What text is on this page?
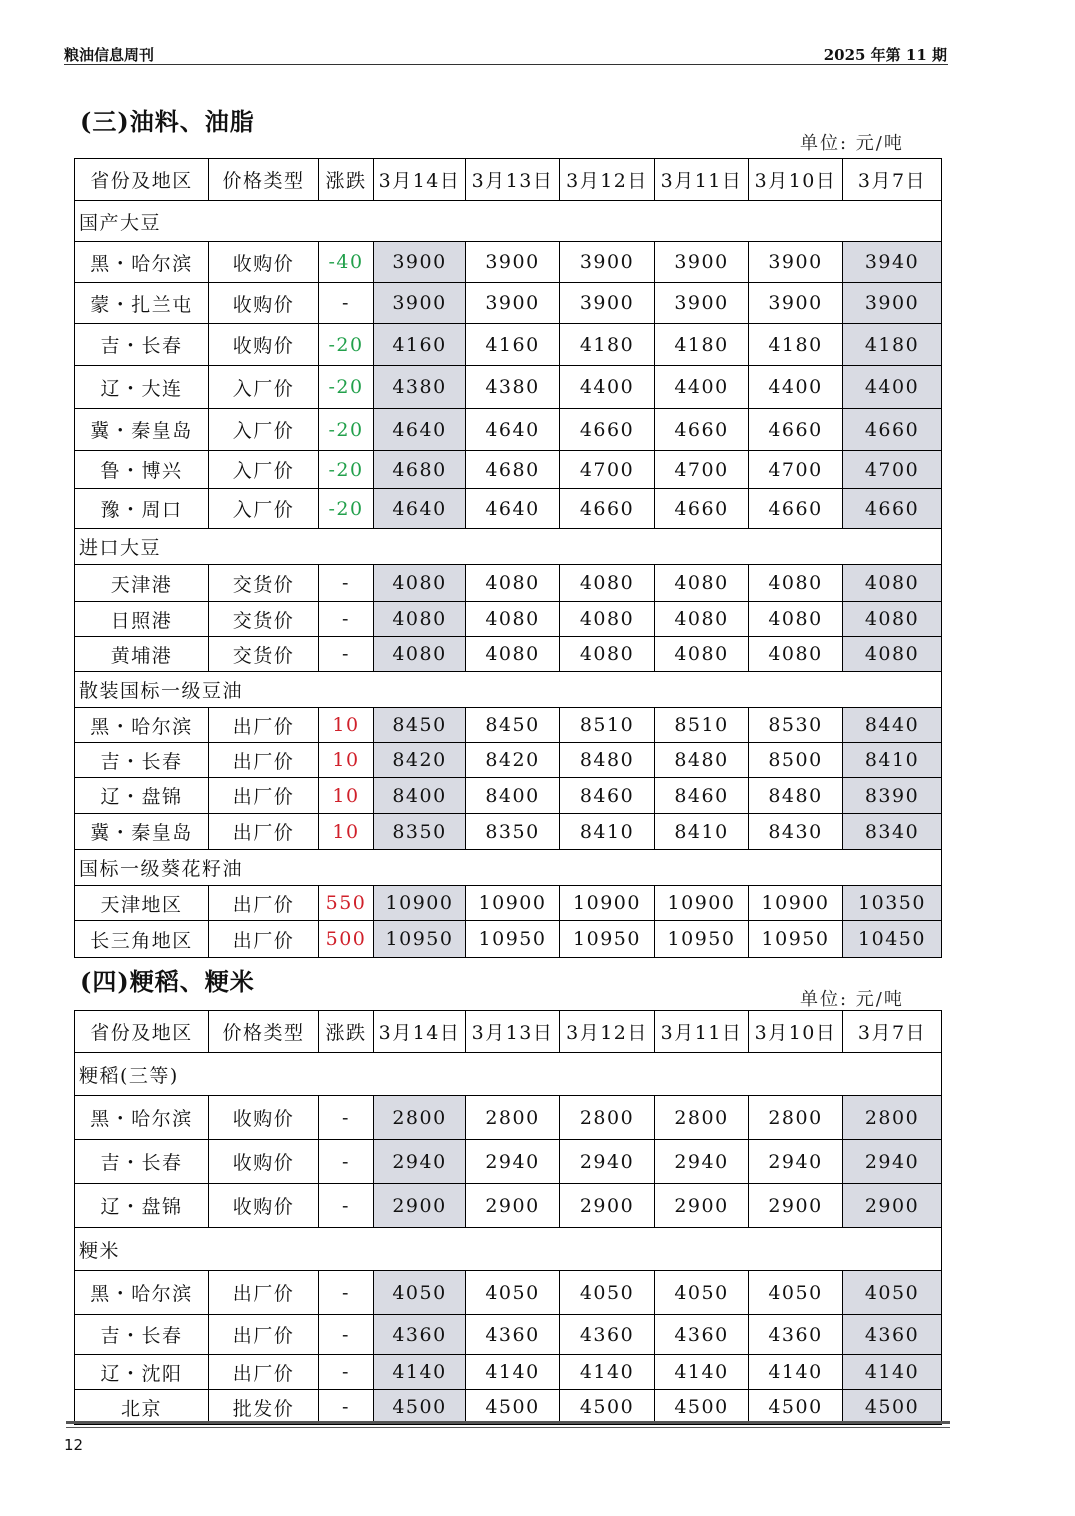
粮油信息周刊	2025 年第 11 期
(三)油料、油脂
单位: 元/吨
省份及地区	价格类型	涨跌	3月14日	3月13日	3月12日	3月11日	3月10日	3月7日
国产大豆								
黑・哈尔滨	收购价	-40	3900	3900	3900	3900	3900	3940
蒙・扎兰屯	收购价	-	3900	3900	3900	3900	3900	3900
吉・长春	收购价	-20	4160	4160	4180	4180	4180	4180
辽・大连	入厂价	-20	4380	4380	4400	4400	4400	4400
冀・秦皇岛	入厂价	-20	4640	4640	4660	4660	4660	4660
鲁・博兴	入厂价	-20	4680	4680	4700	4700	4700	4700
豫・周口	入厂价	-20	4640	4640	4660	4660	4660	4660
进口大豆								
天津港	交货价	-	4080	4080	4080	4080	4080	4080
日照港	交货价	-	4080	4080	4080	4080	4080	4080
黄埔港	交货价	-	4080	4080	4080	4080	4080	4080
散装国标一级豆油								
黑・哈尔滨	出厂价	10	8450	8450	8510	8510	8530	8440
吉・长春	出厂价	10	8420	8420	8480	8480	8500	8410
辽・盘锦	出厂价	10	8400	8400	8460	8460	8480	8390
冀・秦皇岛	出厂价	10	8350	8350	8410	8410	8430	8340
国标一级葵花籽油								
天津地区	出厂价	550	10900	10900	10900	10900	10900	10350
长三角地区	出厂价	500	10950	10950	10950	10950	10950	10450
(四)粳稻、粳米
单位: 元/吨
省份及地区	价格类型	涨跌	3月14日	3月13日	3月12日	3月11日	3月10日	3月7日
粳稻(三等)								
黑・哈尔滨	收购价	-	2800	2800	2800	2800	2800	2800
吉・长春	收购价	-	2940	2940	2940	2940	2940	2940
辽・盘锦	收购价	-	2900	2900	2900	2900	2900	2900
粳米								
黑・哈尔滨	出厂价	-	4050	4050	4050	4050	4050	4050
吉・长春	出厂价	-	4360	4360	4360	4360	4360	4360
辽・沈阳	出厂价	-	4140	4140	4140	4140	4140	4140
北京	批发价	-	4500	4500	4500	4500	4500	4500
12
